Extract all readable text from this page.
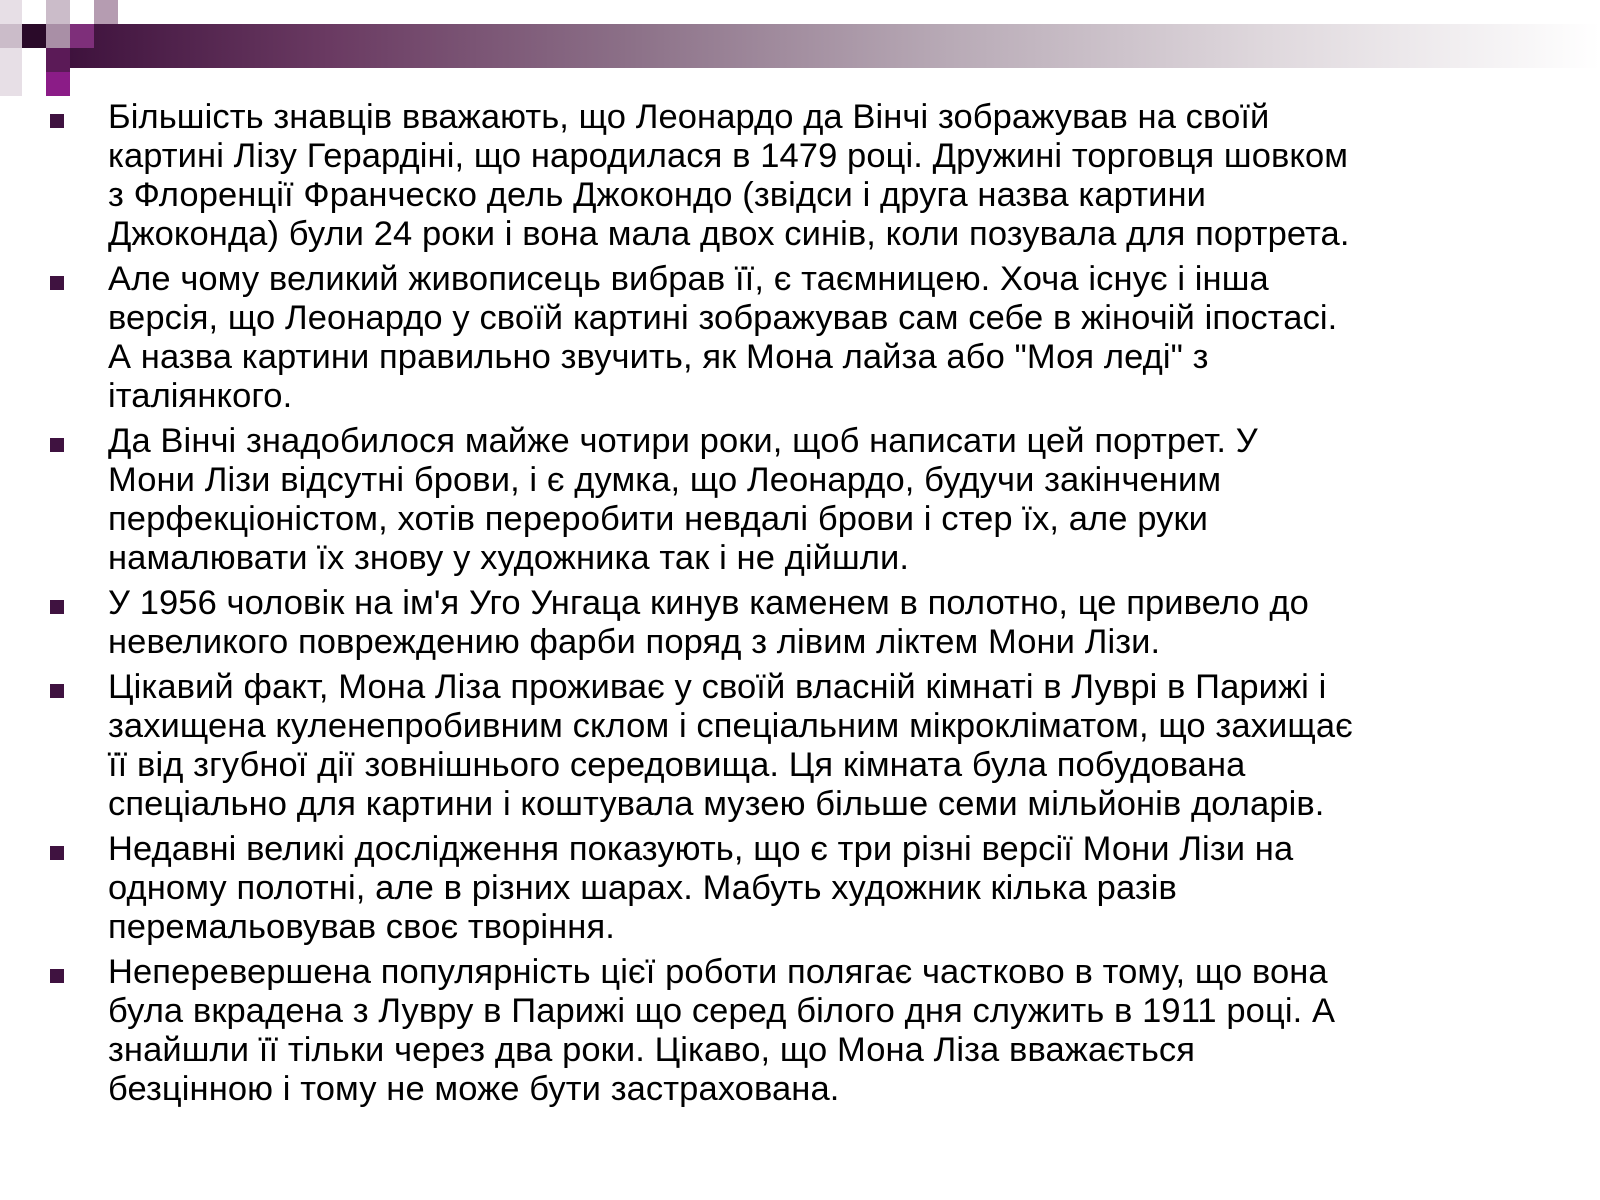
Більшість знавців вважають, що Леонардо да Вінчі зображував на своїй
картині Лізу Герардіні, що народилася в 1479 році. Дружині торговця шовком
з Флоренції Франческо дель Джокондо (звідси і друга назва картини
Джоконда) були 24 роки і вона мала двох синів, коли позувала для портрета.
Але чому великий живописець вибрав її, є таємницею. Хоча існує і інша
версія, що Леонардо у своїй картині зображував сам себе в жіночій іпостасі.
А назва картини правильно звучить, як Мона лайза або "Моя леді" з
італіянкого.
Да Вінчі знадобилося майже чотири роки, щоб написати цей портрет. У
Мони Лізи відсутні брови, і є думка, що Леонардо, будучи закінченим
перфекціоністом, хотів переробити невдалі брови і стер їх, але руки
намалювати їх знову у художника так і не дійшли.
У 1956 чоловік на ім'я Уго Унгаца кинув каменем в полотно, це привело до
невеликого повреждению фарби поряд з лівим ліктем Мони Лізи.
Цікавий факт, Мона Ліза проживає у своїй власній кімнаті в Луврі в Парижі і
захищена куленепробивним склом і спеціальним мікрокліматом, що захищає
її від згубної дії зовнішнього середовища. Ця кімната була побудована
спеціально для картини і коштувала музею більше семи мільйонів доларів.
Недавні великі дослідження показують, що є три різні версії Мони Лізи на
одному полотні, але в різних шарах. Мабуть художник кілька разів
перемальовував своє творіння.
Неперевершена популярність цієї роботи полягає частково в тому, що вона
була вкрадена з Лувру в Парижі що серед білого дня служить в 1911 році. А
знайшли її тільки через два роки. Цікаво, що Мона Ліза вважається
безцінною і тому не може бути застрахована.
